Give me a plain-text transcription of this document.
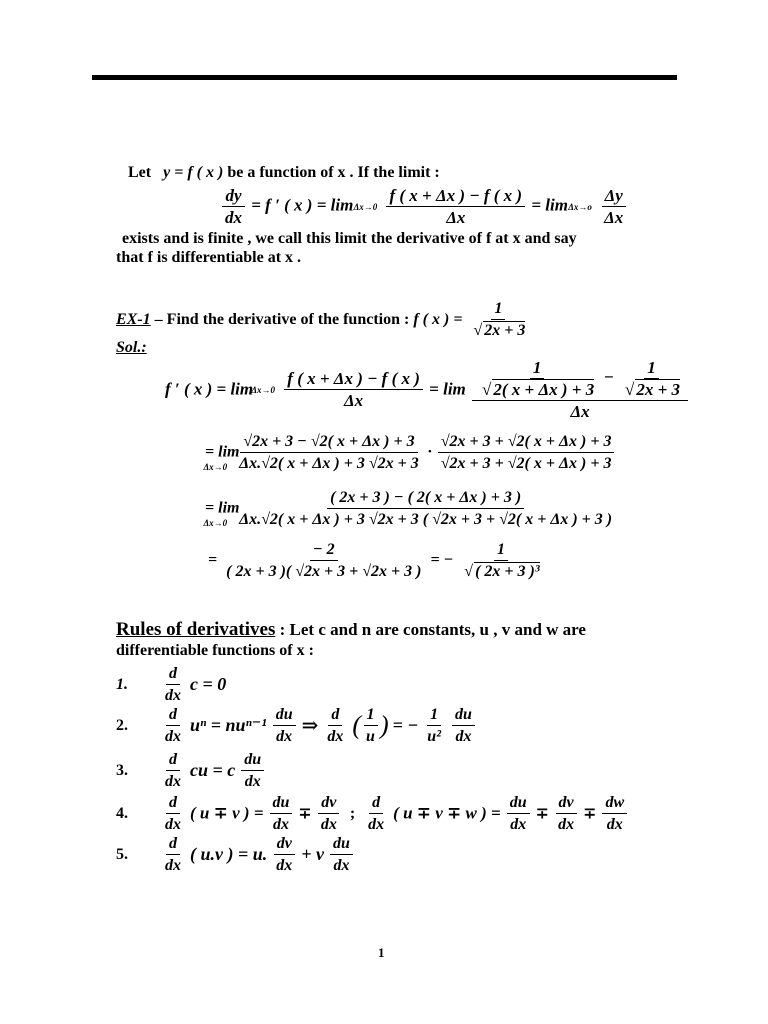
Let y = f ( x ) be a function of x . If the limit :
$\frac{dy}{dx} = f$ ′ ( x ) = lim Δx→0
$\frac{f ( x + \Delta x ) - f ( x )}{\Delta x} = \lim \Delta x\to o$
$\frac{\Delta y}{\Delta x}$
exists and is finite , we call this limit the derivative of f at x and say
that f is differentiable at x .
EX-1 – Find the derivative of the function : f ( x ) = 1
√ 2x + 3
Sol.:
f ′ ( x ) = lim
Δx→0
$\frac{f ( x + \Delta x ) - f ( x )}{\Delta x} = \lim 1$
√ 2( x + Δx ) + 3 − 1
√ 2x + 3
Δx
= lim
Δx→0
$\frac{√2x + 3 - √2( x + \Delta x ) + 3}{\Delta x.√2( x + \Delta x ) + 3 √2x + 3} \cdot \frac{√2x + 3 + √2( x + \Delta x ) + 3}{√2x + 3 + √2( x + \Delta x ) + 3}$
= lim
Δx→0
$\frac{( 2x + 3 ) - ( 2( x + \Delta x ) + 3 )}{\Delta x.√2( x + \Delta x ) + 3 √2x + 3 ( √2x + 3 + √2( x + \Delta x ) + 3 )}$
= $\frac{- 2}{( 2x + 3 )( √2x + 3 + √2x + 3 )}$ = − 1
√ ( 2x + 3 )³
Rules of derivatives : Let c and n are constants, u , v and w are
differentiable functions of x :
1. $\frac{d}{dx}$ c = 0
2. $\frac{d}{dx}$ $u^n = nu^{n-1} \frac{du}{dx}$ ⇒ $\frac{d}{dx}$ ( $\frac{1}{u}$ ) = − $\frac{1}{\text{u²}}$
$\frac{du}{dx}$
3. $\frac{d}{dx}$ cu = c $\frac{du}{dx}$
4. $\frac{d}{dx}$ ( u ∓ v ) = $\frac{du}{dx} \mp \frac{dv}{dx}$ ; $\frac{d}{dx}$ ( u ∓ v ∓ w ) = $\frac{du}{dx} \mp \frac{dv}{dx} \mp \frac{dw}{dx}$
5. $\frac{d}{dx}$ ( u.v ) = u. $\frac{dv}{dx} + v \frac{du}{dx}$
1
